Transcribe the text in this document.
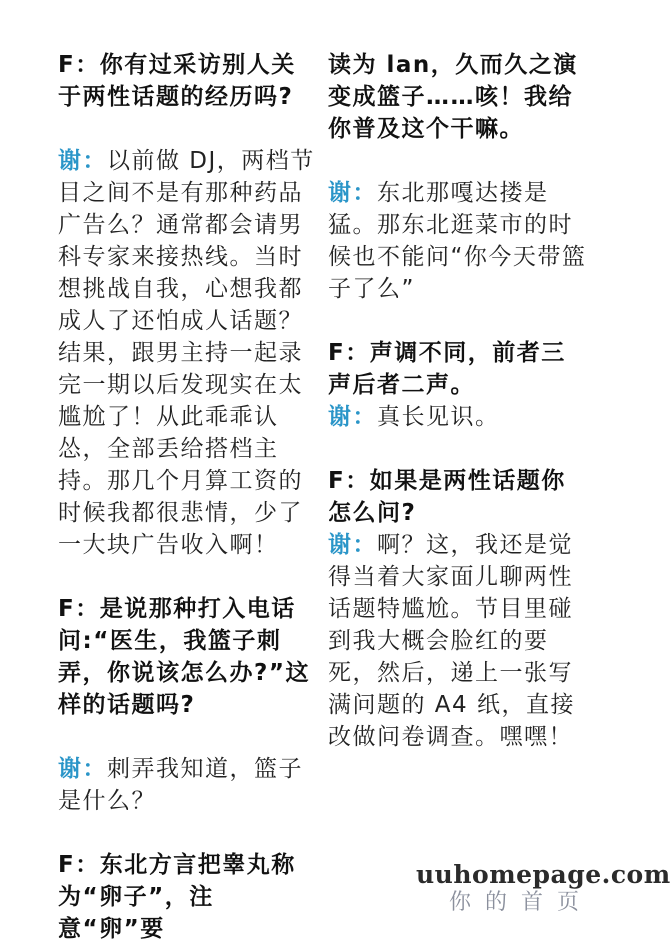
F：你有过采访别人关于两性话题的经历吗?

谢：以前做 DJ，两档节目之间不是有那种药品广告么？通常都会请男科专家来接热线。当时想挑战自我，心想我都成人了还怕成人话题？结果，跟男主持一起录完一期以后发现实在太尴尬了！从此乖乖认怂，全部丢给搭档主持。那几个月算工资的时候我都很悲情，少了一大块广告收入啊！

F：是说那种打入电话问:“医生，我篮子刺弄，你说该怎么办?”这样的话题吗?

谢：刺弄我知道，篮子是什么？

F：东北方言把睾丸称为“卵子”，注意“卵”要

读为 lan，久而久之演变成篮子……咳！我给你普及这个干嘛。

谢：东北那嘎达搂是猛。那东北逛菜市的时候也不能问“你今天带篮子了么”

F：声调不同，前者三声后者二声。

谢：真长见识。

F：如果是两性话题你怎么问?

谢：啊？这，我还是觉得当着大家面儿聊两性话题特尴尬。节目里碰到我大概会脸红的要死，然后，递上一张写满问题的 A4 纸，直接改做问卷调查。嘿嘿！

uuhomepage.com
你的首页
